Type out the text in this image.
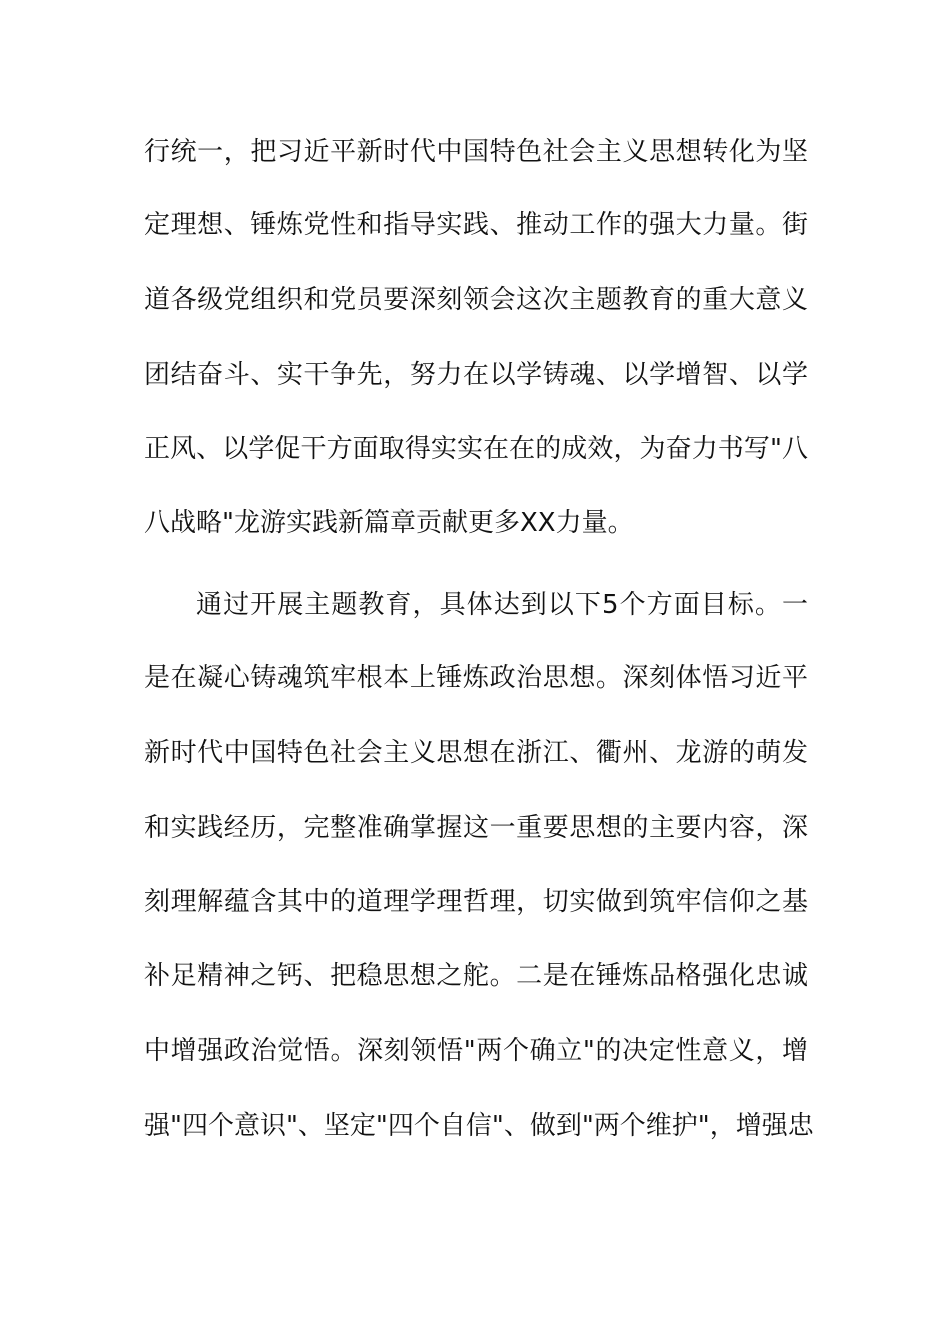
行统一，把习近平新时代中国特色社会主义思想转化为坚
定理想、锤炼党性和指导实践、推动工作的强大力量。街
道各级党组织和党员要深刻领会这次主题教育的重大意义
团结奋斗、实干争先，努力在以学铸魂、以学增智、以学
正风、以学促干方面取得实实在在的成效，为奋力书写"八
八战略"龙游实践新篇章贡献更多XX力量。
通过开展主题教育，具体达到以下5个方面目标。一
是在凝心铸魂筑牢根本上锤炼政治思想。深刻体悟习近平
新时代中国特色社会主义思想在浙江、衢州、龙游的萌发
和实践经历，完整准确掌握这一重要思想的主要内容，深
刻理解蕴含其中的道理学理哲理，切实做到筑牢信仰之基
补足精神之钙、把稳思想之舵。二是在锤炼品格强化忠诚
中增强政治觉悟。深刻领悟"两个确立"的决定性意义，增
强"四个意识"、坚定"四个自信"、做到"两个维护"，增强忠
